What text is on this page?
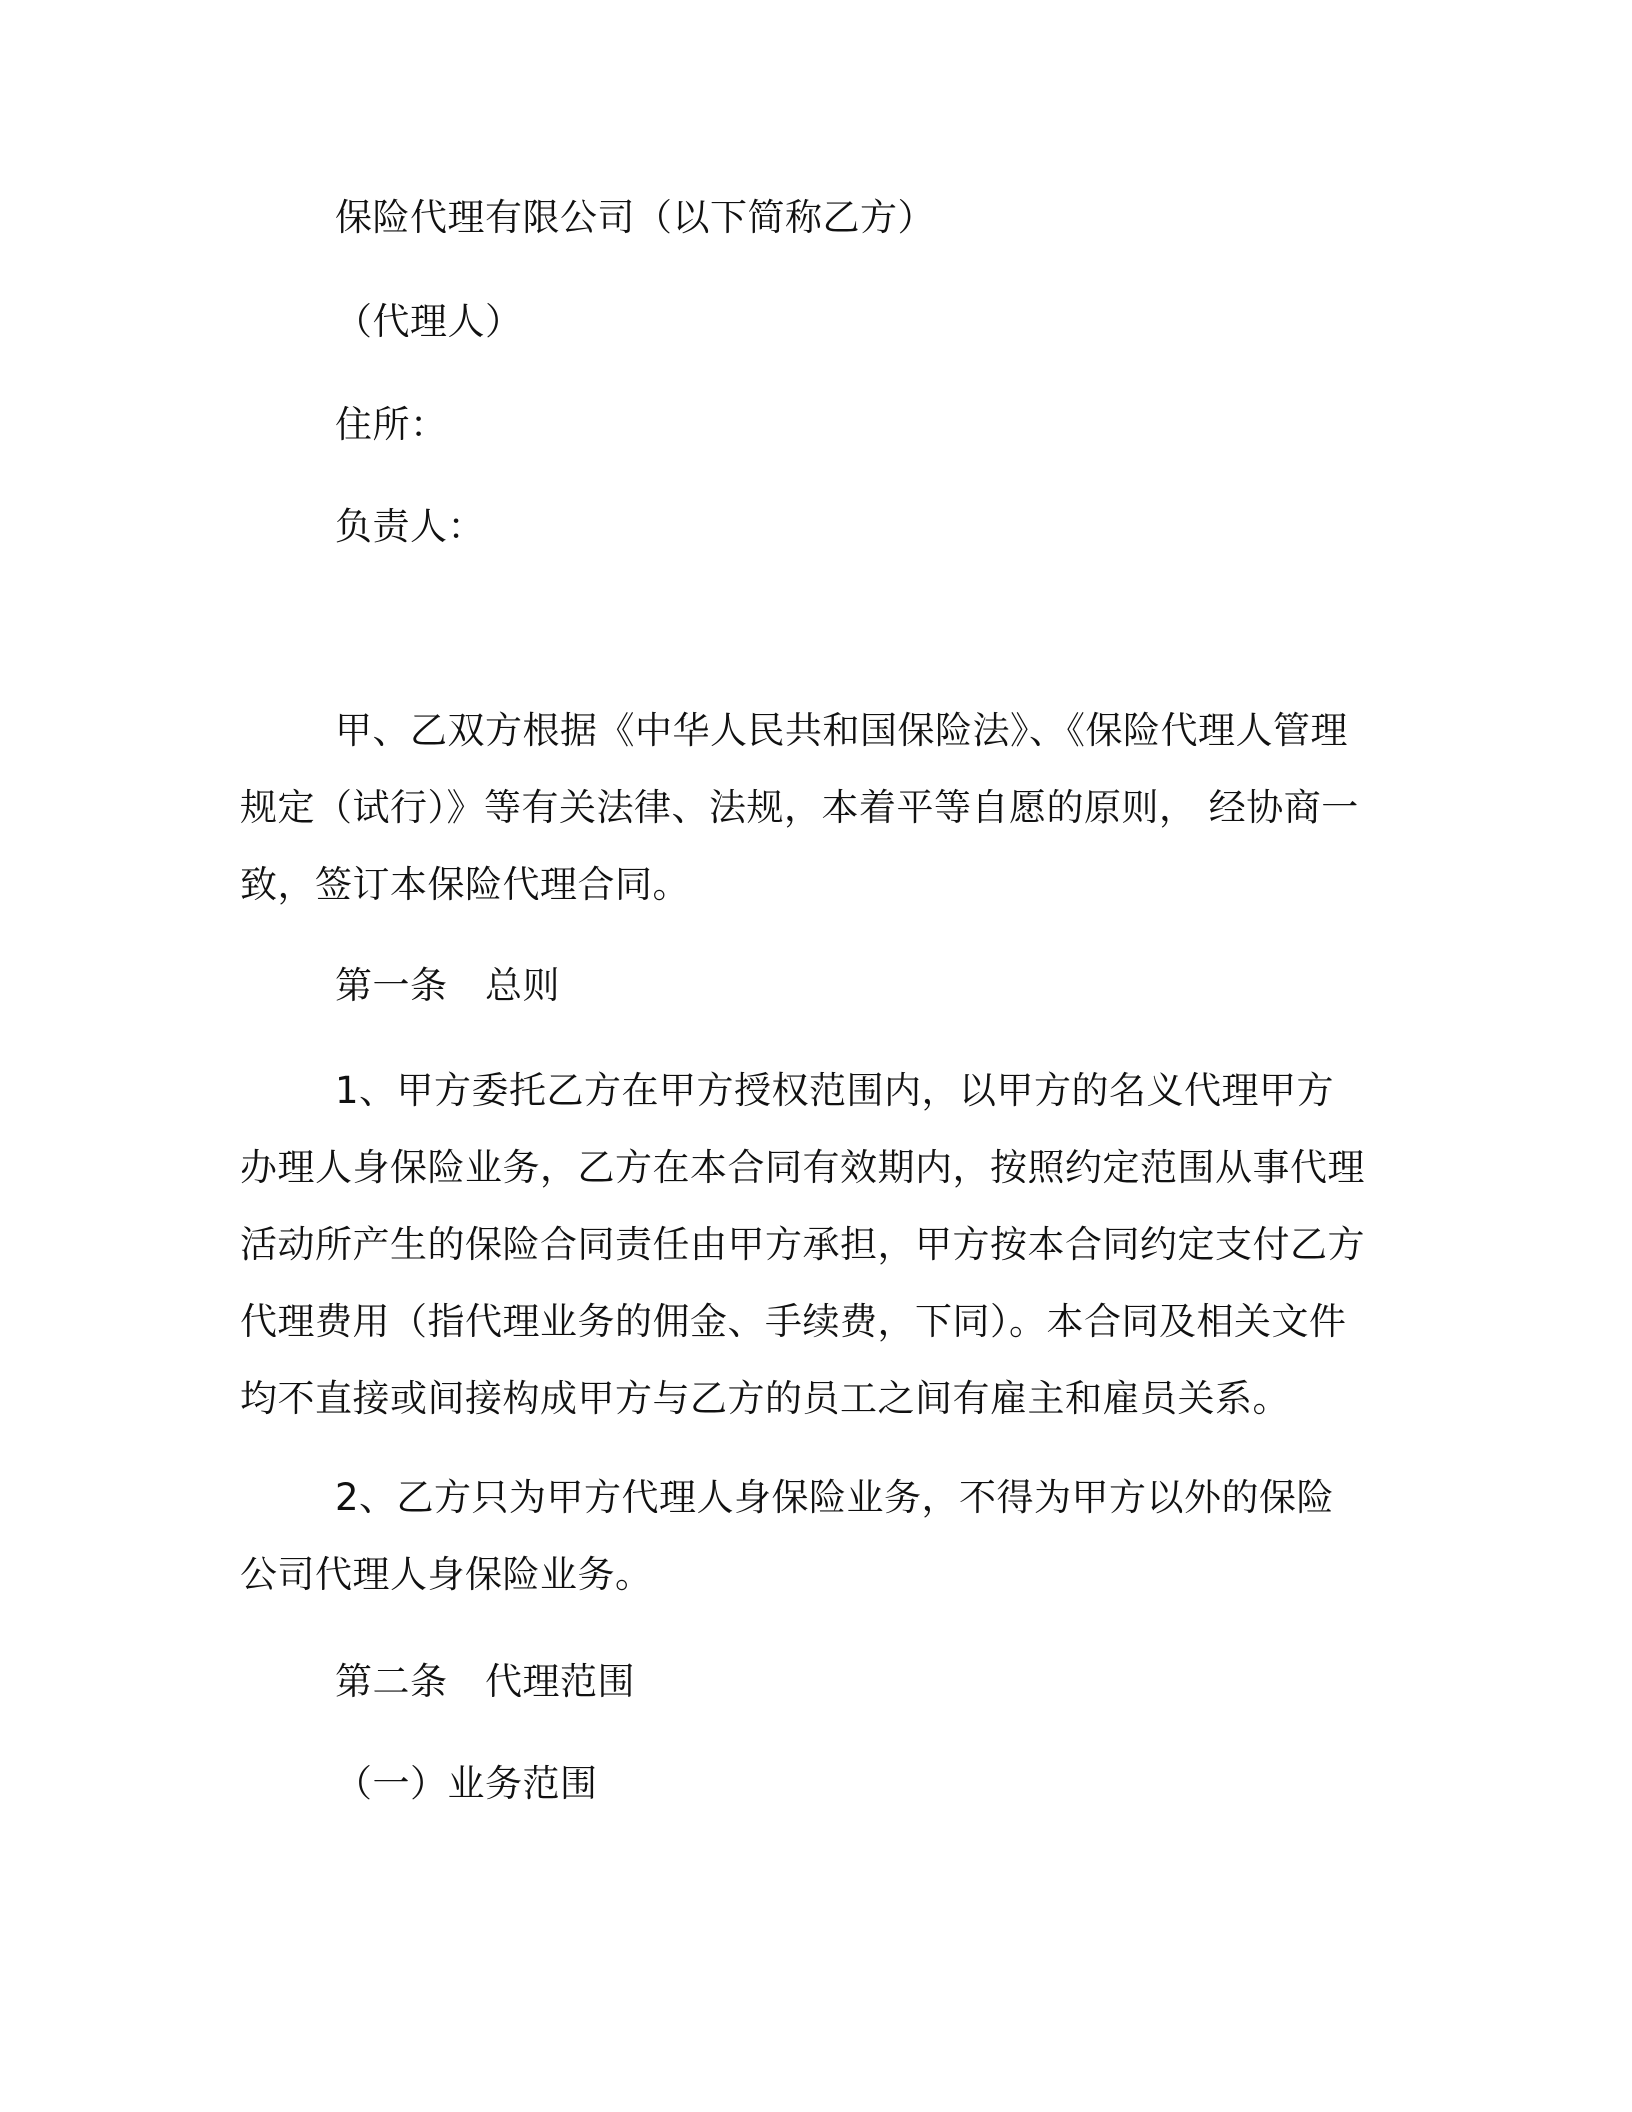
保险代理有限公司（以下简称乙方）
（代理人）
住所：
负责人：

甲、乙双方根据《中华人民共和国保险法》、《保险代理人管理规定（试行）》等有关法律、法规，本着平等自愿的原则， 经协商一致，签订本保险代理合同。

第一条　总则

1、甲方委托乙方在甲方授权范围内，以甲方的名义代理甲方办理人身保险业务，乙方在本合同有效期内，按照约定范围从事代理活动所产生的保险合同责任由甲方承担，甲方按本合同约定支付乙方代理费用（指代理业务的佣金、手续费，下同）。本合同及相关文件均不直接或间接构成甲方与乙方的员工之间有雇主和雇员关系。

2、乙方只为甲方代理人身保险业务，不得为甲方以外的保险公司代理人身保险业务。

第二条　代理范围
（一）业务范围
